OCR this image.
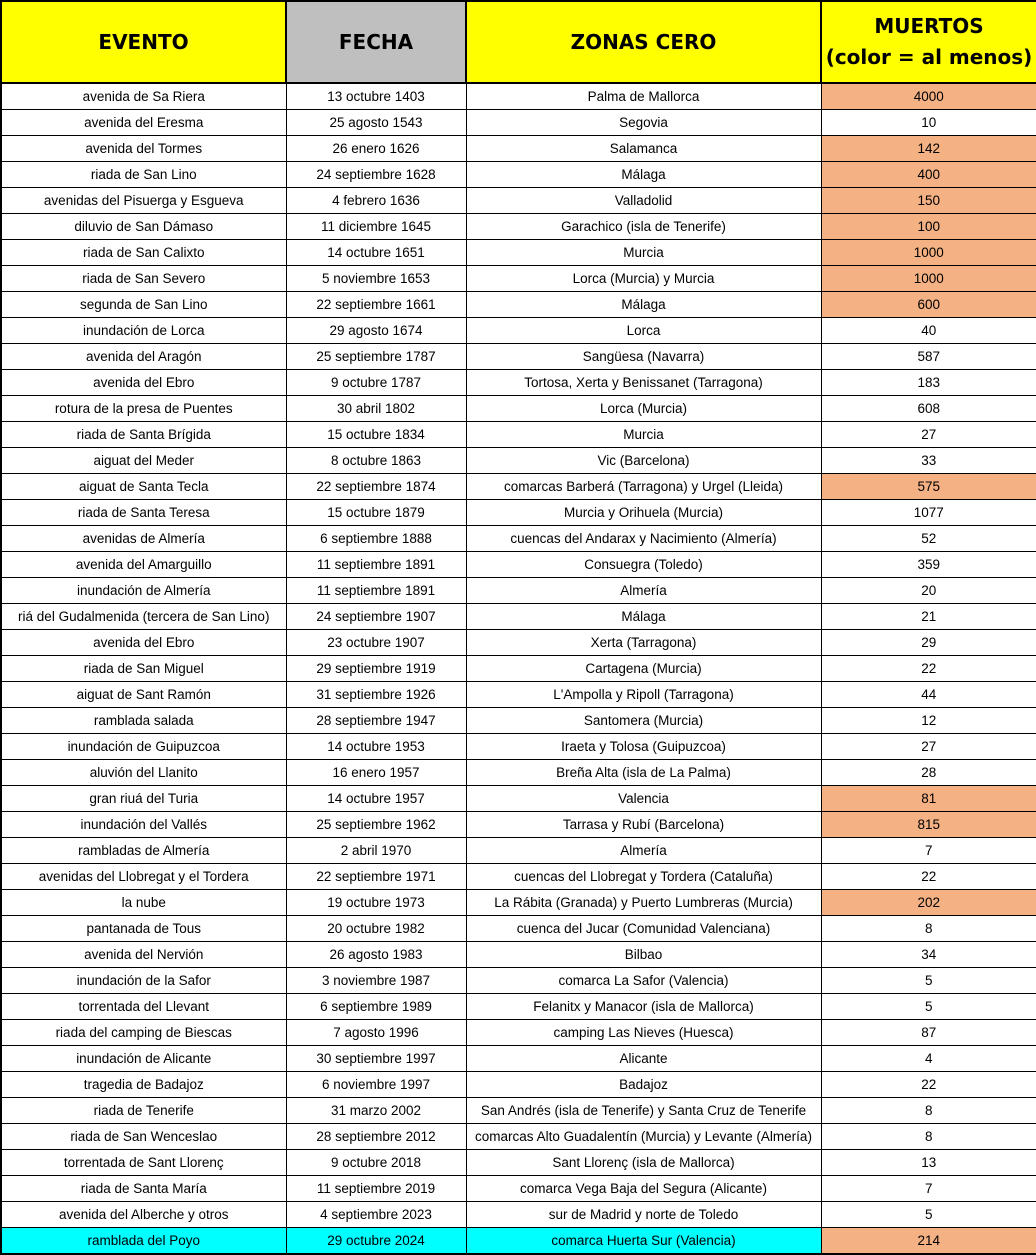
EVENTO	FECHA	ZONAS CERO	MUERTOS
(color = al menos)
avenida de Sa Riera	13 octubre 1403	Palma de Mallorca	4000
avenida del Eresma	25 agosto 1543	Segovia	10
avenida del Tormes	26 enero 1626	Salamanca	142
riada de San Lino	24 septiembre 1628	Málaga	400
avenidas del Pisuerga y Esgueva	4 febrero 1636	Valladolid	150
diluvio de San Dámaso	11 diciembre 1645	Garachico (isla de Tenerife)	100
riada de San Calixto	14 octubre 1651	Murcia	1000
riada de San Severo	5 noviembre 1653	Lorca (Murcia) y Murcia	1000
segunda de San Lino	22 septiembre 1661	Málaga	600
inundación de Lorca	29 agosto 1674	Lorca	40
avenida del Aragón	25 septiembre 1787	Sangüesa (Navarra)	587
avenida del Ebro	9 octubre 1787	Tortosa, Xerta y Benissanet (Tarragona)	183
rotura de la presa de Puentes	30 abril 1802	Lorca (Murcia)	608
riada de Santa Brígida	15 octubre 1834	Murcia	27
aiguat del Meder	8 octubre 1863	Vic (Barcelona)	33
aiguat de Santa Tecla	22 septiembre 1874	comarcas Barberá (Tarragona) y Urgel (Lleida)	575
riada de Santa Teresa	15 octubre 1879	Murcia y Orihuela (Murcia)	1077
avenidas de Almería	6 septiembre 1888	cuencas del Andarax y Nacimiento (Almería)	52
avenida del Amarguillo	11 septiembre 1891	Consuegra (Toledo)	359
inundación de Almería	11 septiembre 1891	Almería	20
riá del Gudalmenida (tercera de San Lino)	24 septiembre 1907	Málaga	21
avenida del Ebro	23 octubre 1907	Xerta (Tarragona)	29
riada de San Miguel	29 septiembre 1919	Cartagena (Murcia)	22
aiguat de Sant Ramón	31 septiembre 1926	L'Ampolla y Ripoll (Tarragona)	44
ramblada salada	28 septiembre 1947	Santomera (Murcia)	12
inundación de Guipuzcoa	14 octubre 1953	Iraeta y Tolosa (Guipuzcoa)	27
aluvión del Llanito	16 enero 1957	Breña Alta (isla de La Palma)	28
gran riuá del Turia	14 octubre 1957	Valencia	81
inundación del Vallés	25 septiembre 1962	Tarrasa y Rubí (Barcelona)	815
rambladas de Almería	2 abril 1970	Almería	7
avenidas del Llobregat y el Tordera	22 septiembre 1971	cuencas del Llobregat y Tordera (Cataluña)	22
la nube	19 octubre 1973	La Rábita (Granada) y Puerto Lumbreras (Murcia)	202
pantanada de Tous	20 octubre 1982	cuenca del Jucar (Comunidad Valenciana)	8
avenida del Nervión	26 agosto 1983	Bilbao	34
inundación de la Safor	3 noviembre 1987	comarca La Safor (Valencia)	5
torrentada del Llevant	6 septiembre 1989	Felanitx y Manacor (isla de Mallorca)	5
riada del camping de Biescas	7 agosto 1996	camping Las Nieves (Huesca)	87
inundación de Alicante	30 septiembre 1997	Alicante	4
tragedia de Badajoz	6 noviembre 1997	Badajoz	22
riada de Tenerife	31 marzo 2002	San Andrés (isla de Tenerife) y Santa Cruz de Tenerife	8
riada de San Wenceslao	28 septiembre 2012	comarcas Alto Guadalentín (Murcia) y Levante (Almería)	8
torrentada de Sant Llorenç	9 octubre 2018	Sant Llorenç (isla de Mallorca)	13
riada de Santa María	11 septiembre 2019	comarca Vega Baja del Segura (Alicante)	7
avenida del Alberche y otros	4 septiembre 2023	sur de Madrid y norte de Toledo	5
ramblada del Poyo	29 octubre 2024	comarca Huerta Sur (Valencia)	214
